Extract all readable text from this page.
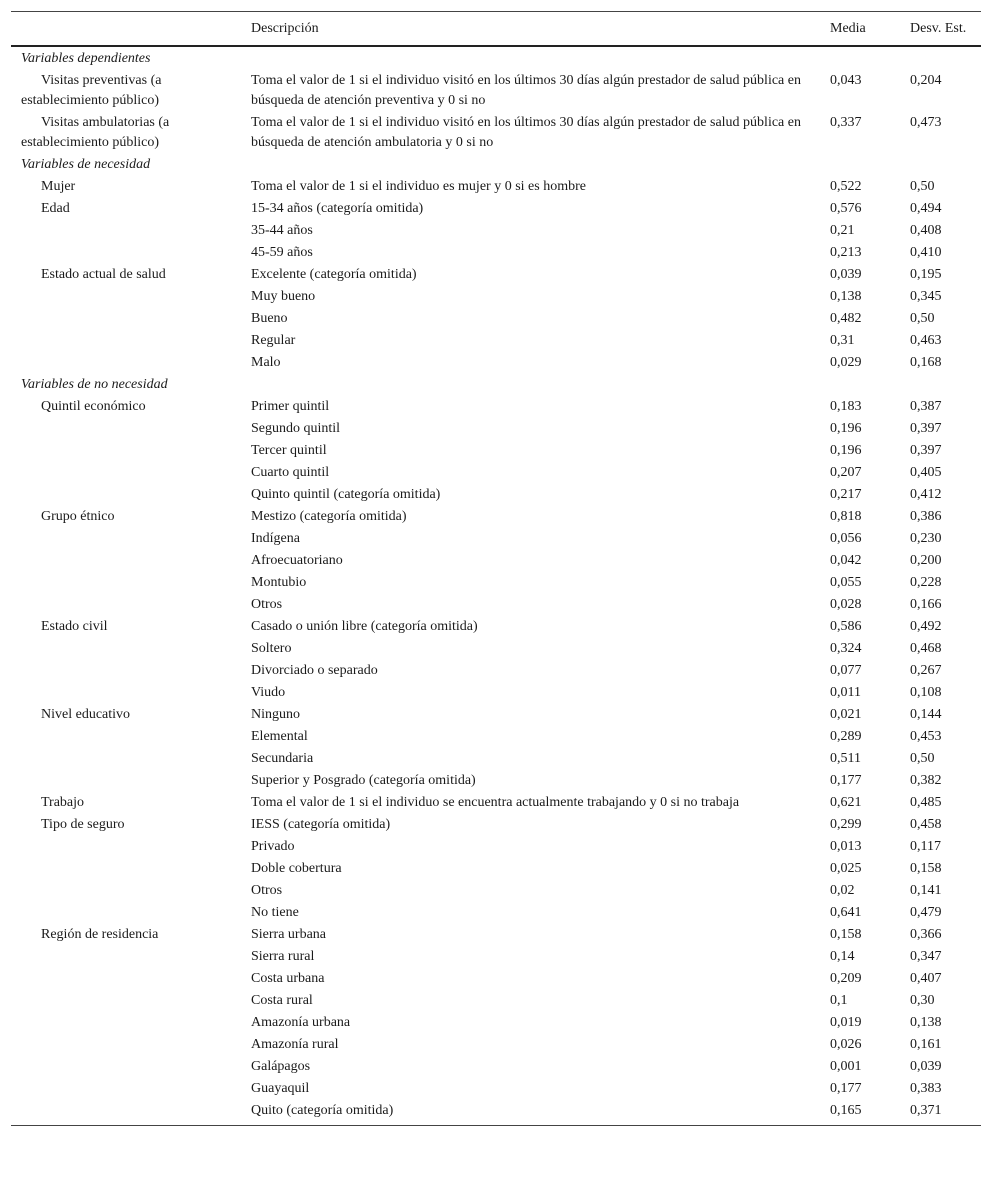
	Descripción	Media	Desv. Est.
Variables dependientes			
Visitas preventivas (a establecimiento público)	Toma el valor de 1 si el individuo visitó en los últimos 30 días algún prestador de salud pública en búsqueda de atención preventiva y 0 si no	0,043	0,204
Visitas ambulatorias (a establecimiento público)	Toma el valor de 1 si el individuo visitó en los últimos 30 días algún prestador de salud pública en búsqueda de atención ambulatoria y 0 si no	0,337	0,473
Variables de necesidad			
Mujer	Toma el valor de 1 si el individuo es mujer y 0 si es hombre	0,522	0,50
Edad	15-34 años (categoría omitida)	0,576	0,494
	35-44 años	0,21	0,408
	45-59 años	0,213	0,410
Estado actual de salud	Excelente (categoría omitida)	0,039	0,195
	Muy bueno	0,138	0,345
	Bueno	0,482	0,50
	Regular	0,31	0,463
	Malo	0,029	0,168
Variables de no necesidad			
Quintil económico	Primer quintil	0,183	0,387
	Segundo quintil	0,196	0,397
	Tercer quintil	0,196	0,397
	Cuarto quintil	0,207	0,405
	Quinto quintil (categoría omitida)	0,217	0,412
Grupo étnico	Mestizo (categoría omitida)	0,818	0,386
	Indígena	0,056	0,230
	Afroecuatoriano	0,042	0,200
	Montubio	0,055	0,228
	Otros	0,028	0,166
Estado civil	Casado o unión libre (categoría omitida)	0,586	0,492
	Soltero	0,324	0,468
	Divorciado o separado	0,077	0,267
	Viudo	0,011	0,108
Nivel educativo	Ninguno	0,021	0,144
	Elemental	0,289	0,453
	Secundaria	0,511	0,50
	Superior y Posgrado (categoría omitida)	0,177	0,382
Trabajo	Toma el valor de 1 si el individuo se encuentra actualmente trabajando y 0 si no trabaja	0,621	0,485
Tipo de seguro	IESS (categoría omitida)	0,299	0,458
	Privado	0,013	0,117
	Doble cobertura	0,025	0,158
	Otros	0,02	0,141
	No tiene	0,641	0,479
Región de residencia	Sierra urbana	0,158	0,366
	Sierra rural	0,14	0,347
	Costa urbana	0,209	0,407
	Costa rural	0,1	0,30
	Amazonía urbana	0,019	0,138
	Amazonía rural	0,026	0,161
	Galápagos	0,001	0,039
	Guayaquil	0,177	0,383
	Quito (categoría omitida)	0,165	0,371
